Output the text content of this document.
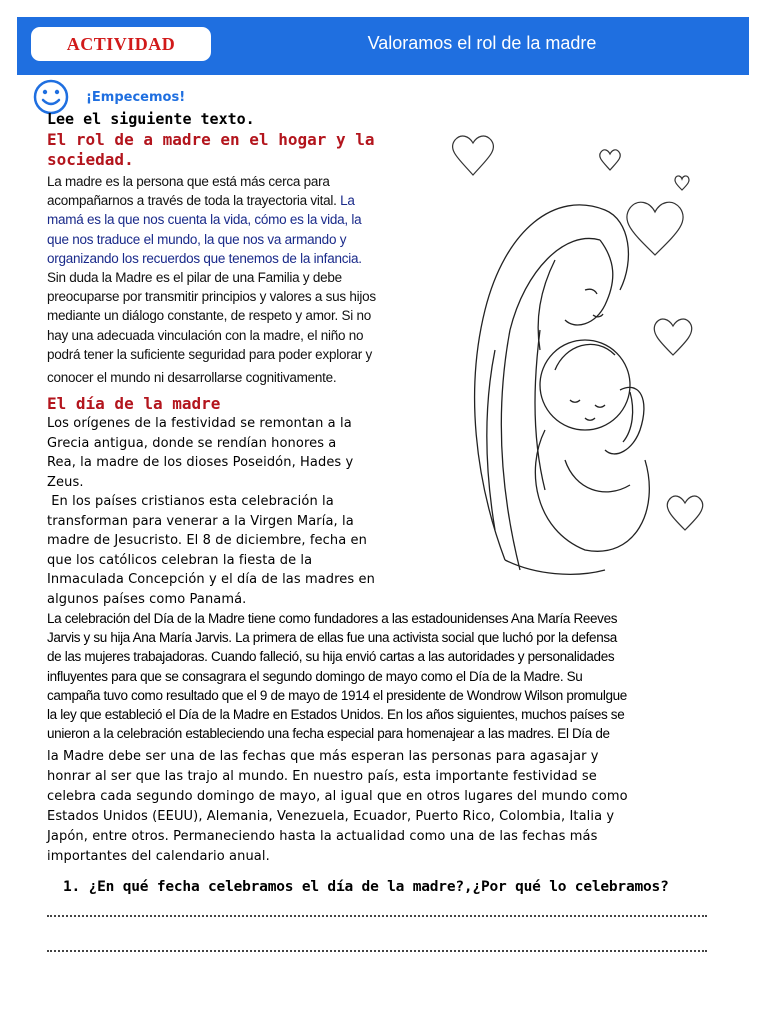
ACTIVIDAD	Valoramos el rol de la madre
¡Empecemos!
Lee el siguiente texto.
El rol de a madre en el hogar y la
sociedad.
La madre es la persona que está más cerca para
acompañarnos a través de toda la trayectoria vital. La
mamá es la que nos cuenta la vida, cómo es la vida, la
que nos traduce el mundo, la que nos va armando y
organizando los recuerdos que tenemos de la infancia.
Sin duda la Madre es el pilar de una Familia y debe
preocuparse por transmitir principios y valores a sus hijos
mediante un diálogo constante, de respeto y amor. Si no
hay una adecuada vinculación con la madre, el niño no
podrá tener la suficiente seguridad para poder explorar y
conocer el mundo ni desarrollarse cognitivamente.
El día de la madre
Los orígenes de la festividad se remontan a la
Grecia antigua, donde se rendían honores a
Rea, la madre de los dioses Poseidón, Hades y
Zeus.
En los países cristianos esta celebración la
transforman para venerar a la Virgen María, la
madre de Jesucristo. El 8 de diciembre, fecha en
que los católicos celebran la fiesta de la
Inmaculada Concepción y el día de las madres en
algunos países como Panamá.
La celebración del Día de la Madre tiene como fundadores a las estadounidenses Ana María Reeves
Jarvis y su hija Ana María Jarvis. La primera de ellas fue una activista social que luchó por la defensa
de las mujeres trabajadoras. Cuando falleció, su hija envió cartas a las autoridades y personalidades
influyentes para que se consagrara el segundo domingo de mayo como el Día de la Madre. Su
campaña tuvo como resultado que el 9 de mayo de 1914 el presidente de Wondrow Wilson promulgue
la ley que estableció el Día de la Madre en Estados Unidos. En los años siguientes, muchos países se
unieron a la celebración estableciendo una fecha especial para homenajear a las madres. El Día de
la Madre debe ser una de las fechas que más esperan las personas para agasajar y
honrar al ser que las trajo al mundo. En nuestro país, esta importante festividad se
celebra cada segundo domingo de mayo, al igual que en otros lugares del mundo como
Estados Unidos (EEUU), Alemania, Venezuela, Ecuador, Puerto Rico, Colombia, Italia y
Japón, entre otros. Permaneciendo hasta la actualidad como una de las fechas más
importantes del calendario anual.
1. ¿En qué fecha celebramos el día de la madre?,¿Por qué lo celebramos?
